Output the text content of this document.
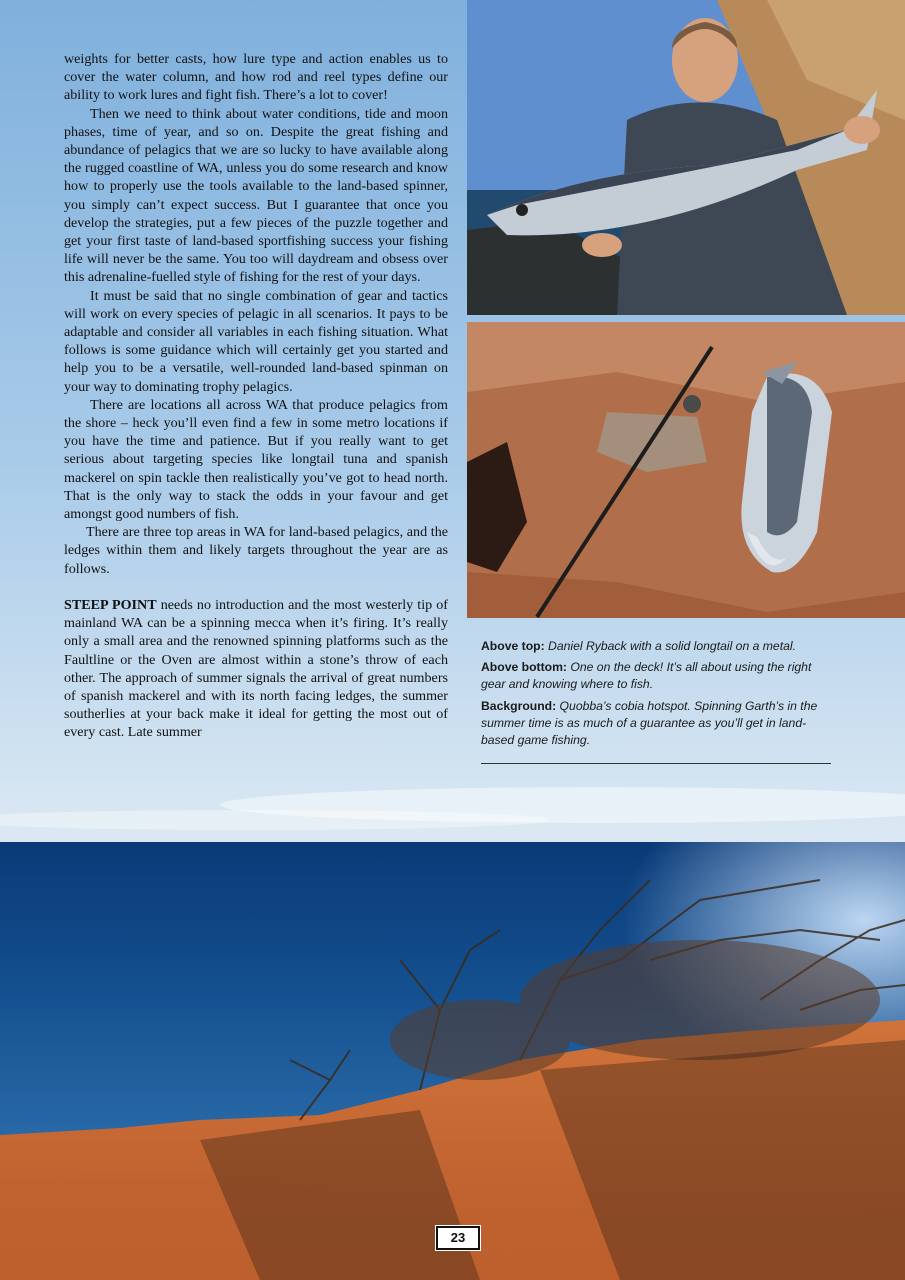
weights for better casts, how lure type and action enables us to cover the water column, and how rod and reel types define our ability to work lures and fight fish. There’s a lot to cover!

Then we need to think about water conditions, tide and moon phases, time of year, and so on. Despite the great fishing and abundance of pelagics that we are so lucky to have available along the rugged coastline of WA, unless you do some research and know how to properly use the tools available to the land-based spinner, you simply can’t expect success. But I guarantee that once you develop the strategies, put a few pieces of the puzzle together and get your first taste of land-based sportfishing success your fishing life will never be the same. You too will daydream and obsess over this adrenaline-fuelled style of fishing for the rest of your days.

It must be said that no single combination of gear and tactics will work on every species of pelagic in all scenarios. It pays to be adaptable and consider all variables in each fishing situation. What follows is some guidance which will certainly get you started and help you to be a versatile, well-rounded land-based spinman on your way to dominating trophy pelagics.

There are locations all across WA that produce pelagics from the shore – heck you’ll even find a few in some metro locations if you have the time and patience. But if you really want to get serious about targeting species like longtail tuna and spanish mackerel on spin tackle then realistically you’ve got to head north. That is the only way to stack the odds in your favour and get amongst good numbers of fish.

There are three top areas in WA for land-based pelagics, and the ledges within them and likely targets throughout the year are as follows.

STEEP POINT needs no introduction and the most westerly tip of mainland WA can be a spinning mecca when it’s firing. It’s really only a small area and the renowned spinning platforms such as the Faultline or the Oven are almost within a stone’s throw of each other. The approach of summer signals the arrival of great numbers of spanish mackerel and with its north facing ledges, the summer southerlies at your back make it ideal for getting the most out of every cast. Late summer

Above top: Daniel Ryback with a solid longtail on a metal.

Above bottom: One on the deck! It’s all about using the right gear and knowing where to fish.

Background: Quobba’s cobia hotspot. Spinning Garth’s in the summer time is as much of a guarantee as you’ll get in land-based game fishing.

23
